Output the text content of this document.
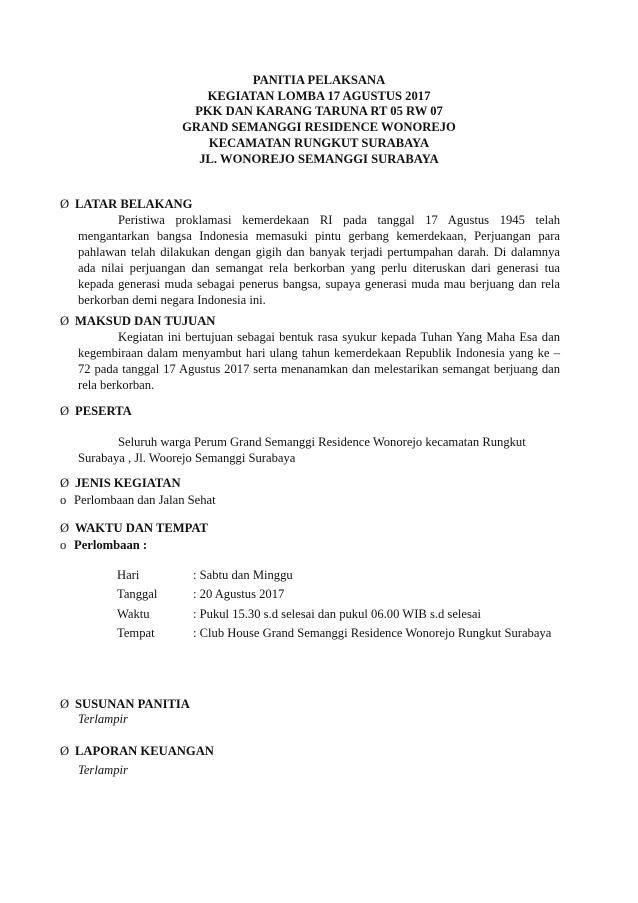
PANITIA PELAKSANA
KEGIATAN LOMBA 17 AGUSTUS 2017
PKK DAN KARANG TARUNA RT 05 RW 07
GRAND SEMANGGI RESIDENCE WONOREJO
KECAMATAN RUNGKUT SURABAYA
JL. WONOREJO SEMANGGI SURABAYA
Ø LATAR BELAKANG
Peristiwa proklamasi kemerdekaan RI pada tanggal 17 Agustus 1945 telah mengantarkan bangsa Indonesia memasuki pintu gerbang kemerdekaan, Perjuangan para pahlawan telah dilakukan dengan gigih dan banyak terjadi pertumpahan darah. Di dalamnya ada nilai perjuangan dan semangat rela berkorban yang perlu diteruskan dari generasi tua kepada generasi muda sebagai penerus bangsa, supaya generasi muda mau berjuang dan rela berkorban demi negara Indonesia ini.
Ø MAKSUD DAN TUJUAN
Kegiatan ini bertujuan sebagai bentuk rasa syukur kepada Tuhan Yang Maha Esa dan kegembiraan dalam menyambut hari ulang tahun kemerdekaan Republik Indonesia yang ke – 72 pada tanggal 17 Agustus 2017 serta menanamkan dan melestarikan semangat berjuang dan rela berkorban.
Ø PESERTA
Seluruh warga Perum Grand Semanggi Residence Wonorejo kecamatan Rungkut Surabaya , Jl. Woorejo Semanggi Surabaya
Ø JENIS KEGIATAN
o Perlombaan dan Jalan Sehat
Ø WAKTU DAN TEMPAT
o Perlombaan :
Hari	: Sabtu dan Minggu
Tanggal	: 20 Agustus 2017
Waktu	: Pukul 15.30 s.d selesai dan pukul 06.00 WIB s.d selesai
Tempat	: Club House Grand Semanggi Residence Wonorejo Rungkut Surabaya
Ø SUSUNAN PANITIA
Terlampir
Ø LAPORAN KEUANGAN
Terlampir
